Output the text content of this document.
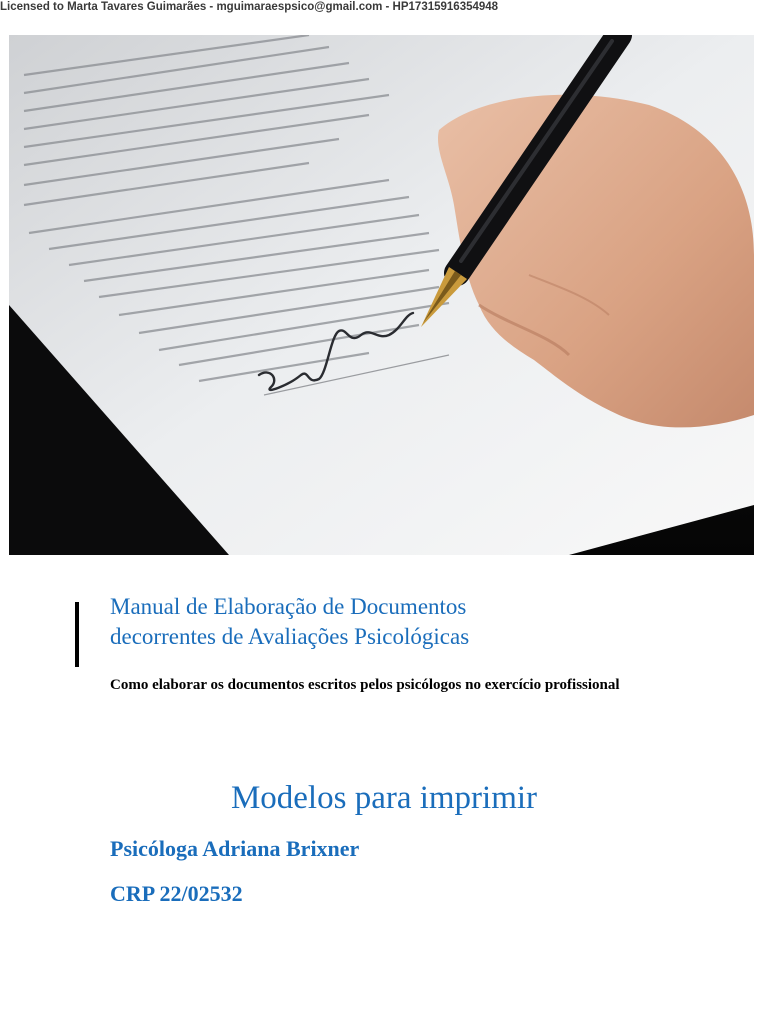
Licensed to Marta Tavares Guimarães - mguimaraespsico@gmail.com - HP17315916354948
Manual de Elaboração de Documentos
decorrentes de Avaliações Psicológicas
Como elaborar os documentos escritos pelos psicólogos no exercício profissional
Modelos para imprimir
Psicóloga Adriana Brixner
CRP 22/02532
